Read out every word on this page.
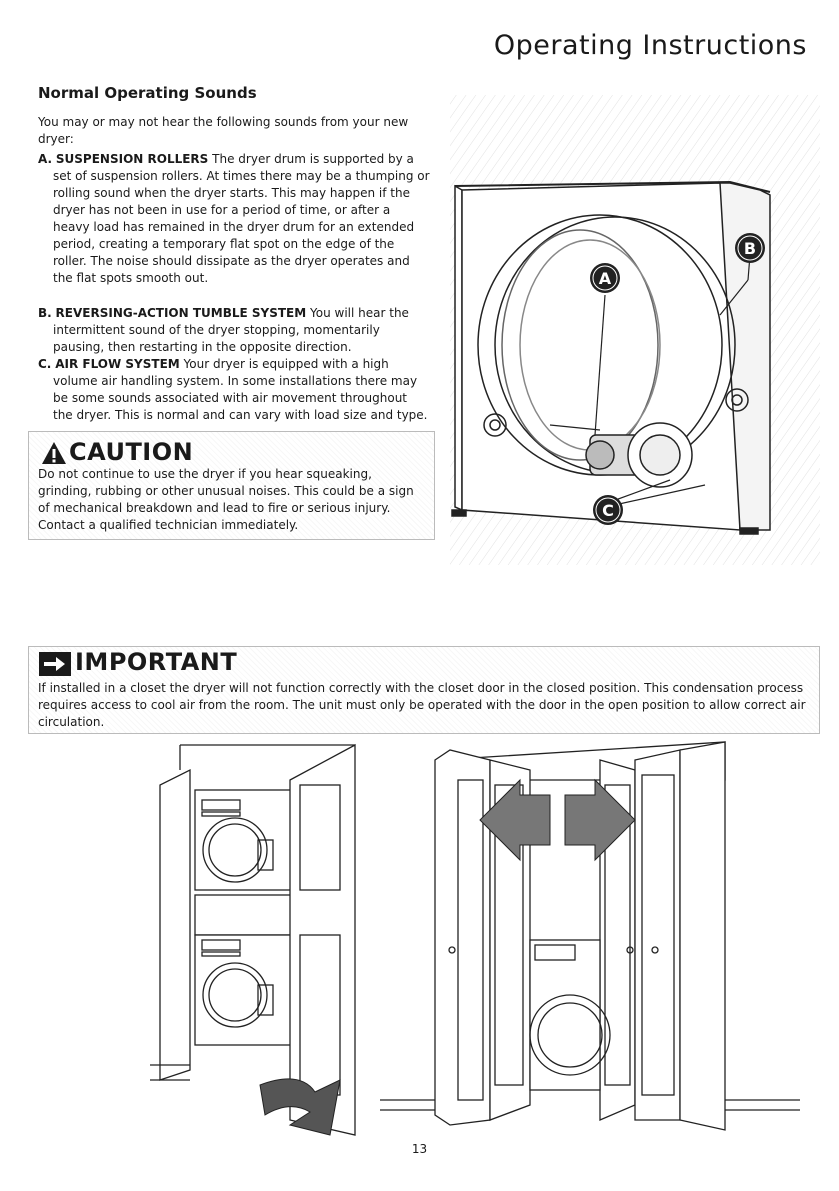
Operating Instructions
Normal Operating Sounds
You may or may not hear the following sounds from your new dryer:
A. SUSPENSION ROLLERS The dryer drum is supported by a set of suspension rollers. At times there may be a thumping or rolling sound when the dryer starts. This may happen if the dryer has not been in use for a period of time, or after a heavy load has remained in the dryer drum for an extended period, creating a temporary flat spot on the edge of the roller. The noise should dissipate as the dryer operates and the flat spots smooth out.
B. REVERSING-ACTION TUMBLE SYSTEM You will hear the intermittent sound of the dryer stopping, momentarily pausing, then restarting in the opposite direction.
C. AIR FLOW SYSTEM Your dryer is equipped with a high volume air handling system. In some installations there may be some sounds associated with air movement throughout the dryer. This is normal and can vary with load size and type.
CAUTION
Do not continue to use the dryer if you hear squeaking, grinding, rubbing or other unusual noises. This could be a sign of mechanical breakdown and lead to fire or serious injury. Contact a qualified technician immediately.
IMPORTANT
If installed in a closet the dryer will not function correctly with the closet door in the closed position. This condensation process requires access to cool air from the room. The unit must only be operated with the door in the open position to allow correct air circulation.
A
B
C
13
